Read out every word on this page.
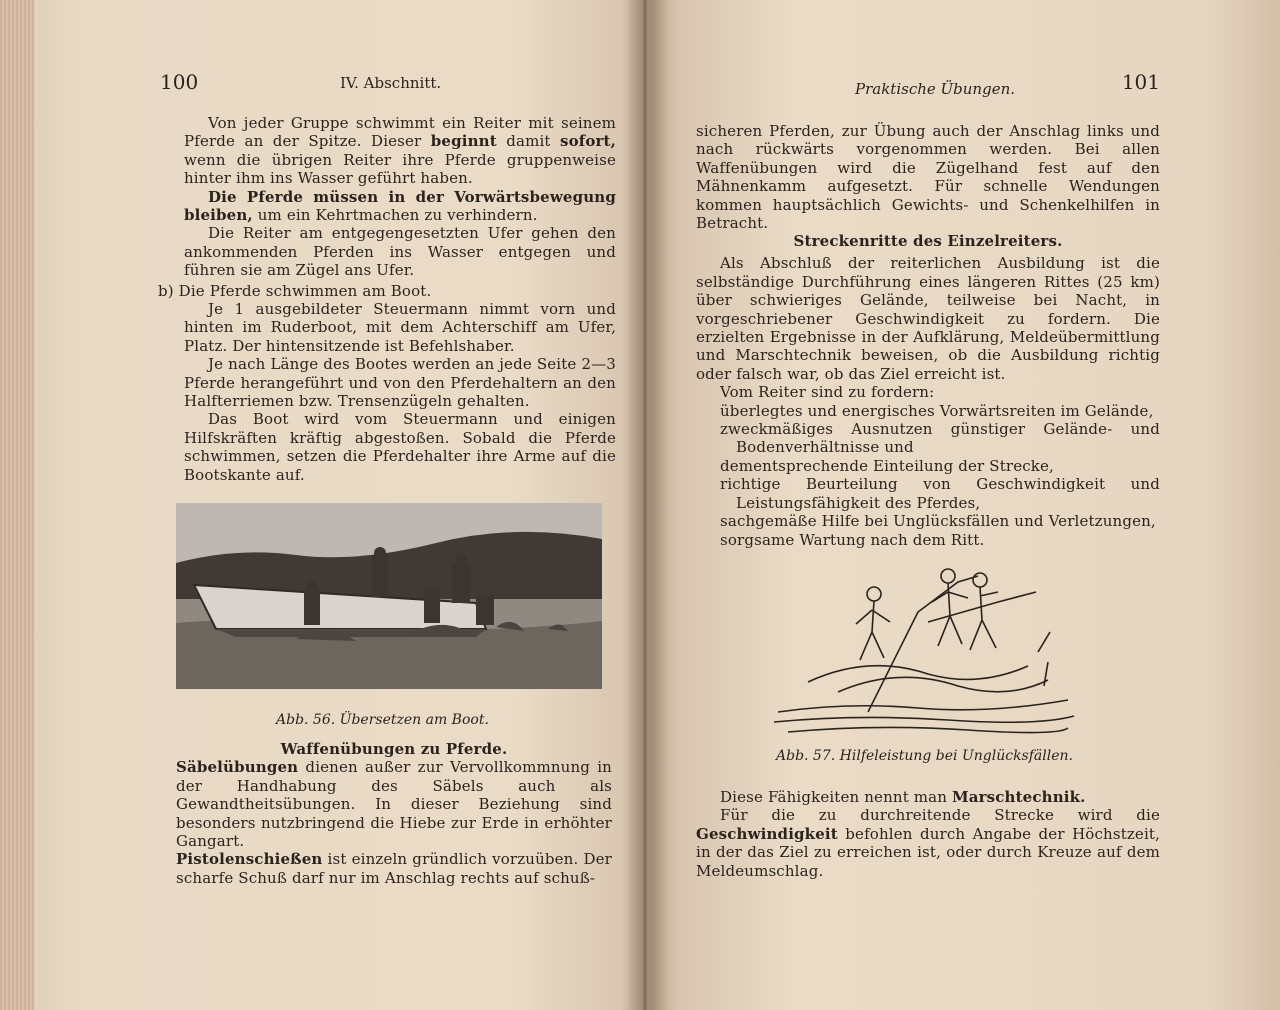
100	IV. Abschnitt.

Von jeder Gruppe schwimmt ein Reiter mit seinem Pferde an der Spitze. Dieser beginnt damit sofort, wenn die übrigen Reiter ihre Pferde gruppenweise hinter ihm ins Wasser geführt haben.

Die Pferde müssen in der Vorwärtsbewegung bleiben, um ein Kehrtmachen zu verhindern.

Die Reiter am entgegengesetzten Ufer gehen den ankommenden Pferden ins Wasser entgegen und führen sie am Zügel ans Ufer.

b) Die Pferde schwimmen am Boot.

Je 1 ausgebildeter Steuermann nimmt vorn und hinten im Ruderboot, mit dem Achterschiff am Ufer, Platz. Der hintensitzende ist Befehlshaber.

Je nach Länge des Bootes werden an jede Seite 2—3 Pferde herangeführt und von den Pferdehaltern an den Halfterriemen bzw. Trensenzügeln gehalten.

Das Boot wird vom Steuermann und einigen Hilfskräften kräftig abgestoßen. Sobald die Pferde schwimmen, setzen die Pferdehalter ihre Arme auf die Bootskante auf.

Abb. 56. Übersetzen am Boot.

Waffenübungen zu Pferde.

Säbelübungen dienen außer zur Vervollkommnung in der Handhabung des Säbels auch als Gewandtheitsübungen. In dieser Beziehung sind besonders nutzbringend die Hiebe zur Erde in erhöhter Gangart.

Pistolenschießen ist einzeln gründlich vorzuüben. Der scharfe Schuß darf nur im Anschlag rechts auf schuß-

Praktische Übungen.	101

sicheren Pferden, zur Übung auch der Anschlag links und nach rückwärts vorgenommen werden. Bei allen Waffenübungen wird die Zügelhand fest auf den Mähnenkamm aufgesetzt. Für schnelle Wendungen kommen hauptsächlich Gewichts- und Schenkelhilfen in Betracht.

Streckenritte des Einzelreiters.

Als Abschluß der reiterlichen Ausbildung ist die selbständige Durchführung eines längeren Rittes (25 km) über schwieriges Gelände, teilweise bei Nacht, in vorgeschriebener Geschwindigkeit zu fordern. Die erzielten Ergebnisse in der Aufklärung, Meldeübermittlung und Marschtechnik beweisen, ob die Ausbildung richtig oder falsch war, ob das Ziel erreicht ist.

Vom Reiter sind zu fordern:

überlegtes und energisches Vorwärtsreiten im Gelände,

zweckmäßiges Ausnutzen günstiger Gelände- und Bodenverhältnisse und

dementsprechende Einteilung der Strecke,

richtige Beurteilung von Geschwindigkeit und Leistungsfähigkeit des Pferdes,

sachgemäße Hilfe bei Unglücksfällen und Verletzungen,

sorgsame Wartung nach dem Ritt.

Abb. 57. Hilfeleistung bei Unglücksfällen.

Diese Fähigkeiten nennt man Marschtechnik.

Für die zu durchreitende Strecke wird die Geschwindigkeit befohlen durch Angabe der Höchstzeit, in der das Ziel zu erreichen ist, oder durch Kreuze auf dem Meldeumschlag.
